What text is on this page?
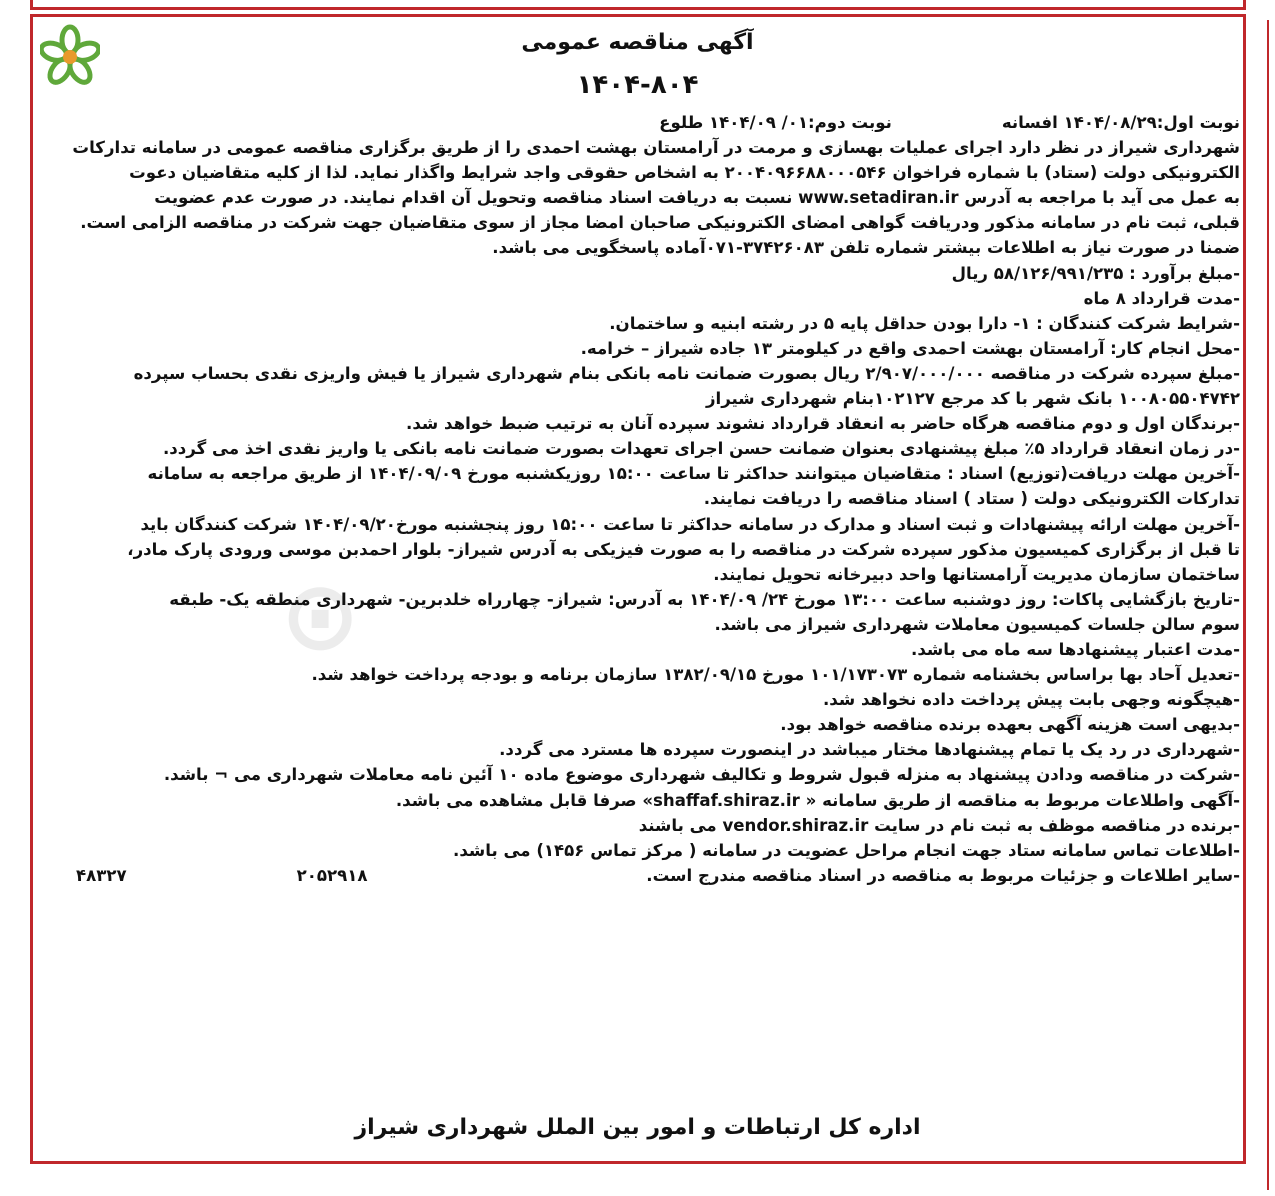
⊙
آگهی مناقصه عمومی
۱۴۰۴-۸۰۴

نوبت اول:۱۴۰۴/۰۸/۲۹ افسانه
نوبت دوم:۰۱/ ۱۴۰۴/۰۹ طلوع

شهرداری شیراز در نظر دارد اجرای عملیات بهسازی و مرمت در آرامستان بهشت احمدی را از طریق برگزاری مناقصه عمومی در سامانه تدارکات

الکترونیکی دولت (ستاد) با شماره فراخوان ۲۰۰۴۰۹۶۶۸۸۰۰۰۵۴۶ به اشخاص حقوقی واجد شرایط واگذار نماید. لذا از کلیه متقاضیان دعوت

به عمل می آید با مراجعه به آدرس www.setadiran.ir نسبت به دریافت اسناد مناقصه وتحویل آن اقدام نمایند. در صورت عدم عضویت

قبلی، ثبت نام در سامانه مذکور ودریافت گواهی امضای الکترونیکی صاحبان امضا مجاز از سوی متقاضیان جهت شرکت در مناقصه الزامی است.

ضمنا در صورت نیاز به اطلاعات بیشتر شماره تلفن ۳۷۴۲۶۰۸۳-۰۷۱آماده پاسخگویی می باشد.

-مبلغ برآورد : ۵۸/۱۲۶/۹۹۱/۲۳۵ ریال

-مدت قرارداد ۸ ماه

-شرایط شرکت کنندگان : ۱- دارا بودن حداقل پایه ۵ در رشته ابنیه و ساختمان.

-محل انجام کار: آرامستان بهشت احمدی واقع در کیلومتر ۱۳ جاده شیراز – خرامه.

-مبلغ سپرده شرکت در مناقصه ۲/۹۰۷/۰۰۰/۰۰۰ ریال بصورت ضمانت نامه بانکی بنام شهرداری شیراز یا فیش واریزی نقدی بحساب سپرده

۱۰۰۸۰۵۵۰۴۷۴۲ بانک شهر با کد مرجع ۱۰۲۱۲۷بنام شهرداری شیراز

-برندگان اول و دوم مناقصه هرگاه حاضر به انعقاد قرارداد نشوند سپرده آنان به ترتیب ضبط خواهد شد.

-در زمان انعقاد قرارداد ۵٪ مبلغ پیشنهادی بعنوان ضمانت حسن اجرای تعهدات بصورت ضمانت نامه بانکی یا واریز نقدی اخذ می گردد.

-آخرین مهلت دریافت(توزیع) اسناد : متقاضیان میتوانند حداکثر تا ساعت ۱۵:۰۰ روزیکشنبه مورخ ۱۴۰۴/۰۹/۰۹ از طریق مراجعه به سامانه

تدارکات الکترونیکی دولت ( ستاد ) اسناد مناقصه را دریافت نمایند.

-آخرین مهلت ارائه پیشنهادات و ثبت اسناد و مدارک در سامانه حداکثر تا ساعت ۱۵:۰۰ روز پنجشنبه مورخ۱۴۰۴/۰۹/۲۰ شرکت کنندگان باید

تا قبل از برگزاری کمیسیون مذکور سپرده شرکت در مناقصه را به صورت فیزیکی به آدرس شیراز- بلوار احمدبن موسی ورودی پارک مادر،

ساختمان سازمان مدیریت آرامستانها واحد دبیرخانه تحویل نمایند.

-تاریخ بازگشایی پاکات: روز دوشنبه ساعت ۱۳:۰۰ مورخ ۲۴/ ۱۴۰۴/۰۹ به آدرس: شیراز- چهارراه خلدبرین- شهرداری منطقه یک- طبقه

سوم سالن جلسات کمیسیون معاملات شهرداری شیراز می باشد.

-مدت اعتبار پیشنهادها سه ماه می باشد.

-تعدیل آحاد بها براساس بخشنامه شماره ۱۰۱/۱۷۳۰۷۳ مورخ ۱۳۸۲/۰۹/۱۵ سازمان برنامه و بودجه پرداخت خواهد شد.

-هیچگونه وجهی بابت پیش پرداخت داده نخواهد شد.

-بدیهی است هزینه آگهی بعهده برنده مناقصه خواهد بود.

-شهرداری در رد یک یا تمام پیشنهادها مختار میباشد در اینصورت سپرده ها مسترد می گردد.

-شرکت در مناقصه ودادن پیشنهاد به منزله قبول شروط و تکالیف شهرداری موضوع ماده ۱۰ آئین نامه معاملات شهرداری می ¬ باشد.

-آگهی واطلاعات مربوط به مناقصه از طریق سامانه « shaffaf.shiraz.ir» صرفا قابل مشاهده می باشد.

-برنده در مناقصه موظف به ثبت نام در سایت vendor.shiraz.ir می باشند

-اطلاعات تماس سامانه ستاد جهت انجام مراحل عضویت در سامانه ( مرکز تماس ۱۴۵۶) می باشد.

-سایر اطلاعات و جزئیات مربوط به مناقصه در اسناد مناقصه مندرج است.
۴۸۳۲۷	۲۰۵۲۹۱۸

اداره کل ارتباطات و امور بین الملل شهرداری شیراز
